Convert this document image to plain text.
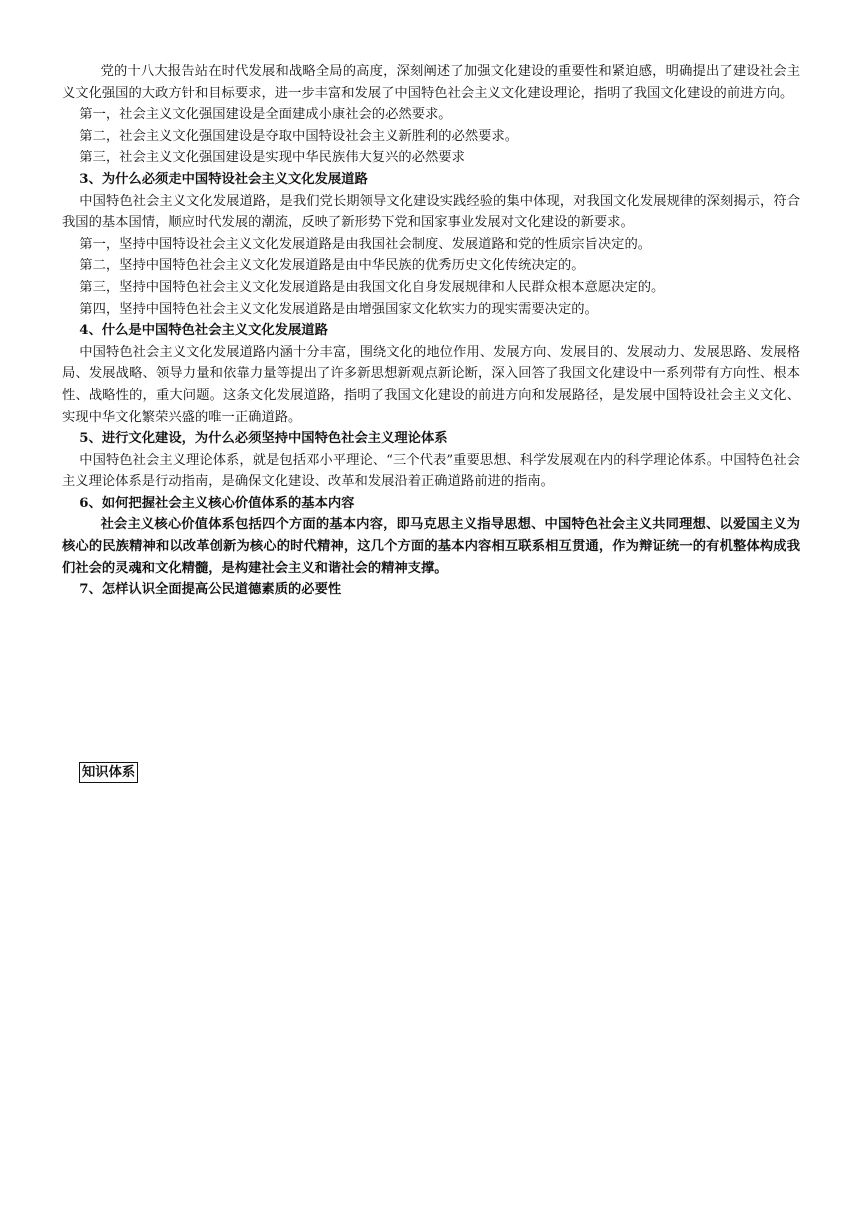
党的十八大报告站在时代发展和战略全局的高度，深刻阐述了加强文化建设的重要性和紧迫感，明确提出了建设社会主义文化强国的大政方针和目标要求，进一步丰富和发展了中国特色社会主义文化建设理论，指明了我国文化建设的前进方向。

第一，社会主义文化强国建设是全面建成小康社会的必然要求。

第二，社会主义文化强国建设是夺取中国特设社会主义新胜利的必然要求。

第三，社会主义文化强国建设是实现中华民族伟大复兴的必然要求

3、为什么必须走中国特设社会主义文化发展道路

中国特色社会主义文化发展道路，是我们党长期领导文化建设实践经验的集中体现，对我国文化发展规律的深刻揭示，符合我国的基本国情，顺应时代发展的潮流，反映了新形势下党和国家事业发展对文化建设的新要求。

第一，坚持中国特设社会主义文化发展道路是由我国社会制度、发展道路和党的性质宗旨决定的。

第二，坚持中国特色社会主义文化发展道路是由中华民族的优秀历史文化传统决定的。

第三，坚持中国特色社会主义文化发展道路是由我国文化自身发展规律和人民群众根本意愿决定的。

第四，坚持中国特色社会主义文化发展道路是由增强国家文化软实力的现实需要决定的。

4、什么是中国特色社会主义文化发展道路

中国特色社会主义文化发展道路内涵十分丰富，围绕文化的地位作用、发展方向、发展目的、发展动力、发展思路、发展格局、发展战略、领导力量和依靠力量等提出了许多新思想新观点新论断，深入回答了我国文化建设中一系列带有方向性、根本性、战略性的，重大问题。这条文化发展道路，指明了我国文化建设的前进方向和发展路径，是发展中国特设社会主义文化、实现中华文化繁荣兴盛的唯一正确道路。

5、进行文化建设，为什么必须坚持中国特色社会主义理论体系

中国特色社会主义理论体系，就是包括邓小平理论、“三个代表”重要思想、科学发展观在内的科学理论体系。中国特色社会主义理论体系是行动指南，是确保文化建设、改革和发展沿着正确道路前进的指南。

6、如何把握社会主义核心价值体系的基本内容

社会主义核心价值体系包括四个方面的基本内容，即马克思主义指导思想、中国特色社会主义共同理想、以爱国主义为核心的民族精神和以改革创新为核心的时代精神，这几个方面的基本内容相互联系相互贯通，作为辩证统一的有机整体构成我们社会的灵魂和文化精髓，是构建社会主义和谐社会的精神支撑。

7、怎样认识全面提高公民道德素质的必要性

知识体系
